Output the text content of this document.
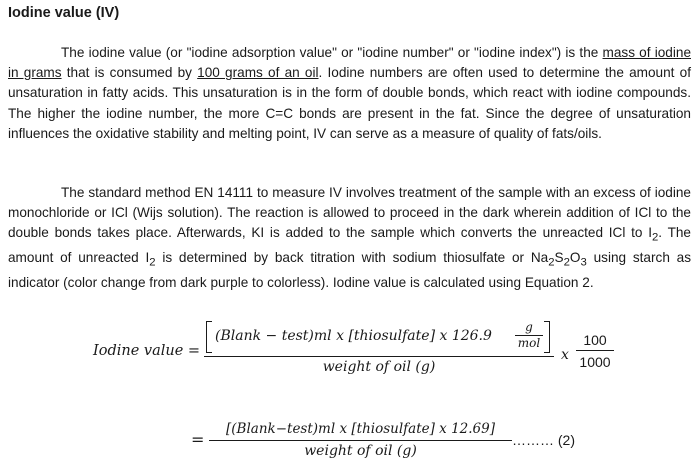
Iodine value (IV)

The iodine value (or "iodine adsorption value" or "iodine number" or "iodine index") is the mass of iodine in grams that is consumed by 100 grams of an oil. Iodine numbers are often used to determine the amount of unsaturation in fatty acids. This unsaturation is in the form of double bonds, which react with iodine compounds. The higher the iodine number, the more C=C bonds are present in the fat. Since the degree of unsaturation influences the oxidative stability and melting point, IV can serve as a measure of quality of fats/oils.

The standard method EN 14111 to measure IV involves treatment of the sample with an excess of iodine monochloride or ICl (Wijs solution). The reaction is allowed to proceed in the dark wherein addition of ICl to the double bonds takes place. Afterwards, KI is added to the sample which converts the unreacted ICl to $I_2$. The amount of unreacted $I_2$ is determined by back titration with sodium thiosulfate or $Na_2S_2O_3$ using starch as indicator (color change from dark purple to colorless). Iodine value is calculated using Equation 2.

Iodine value =
(Blank − test)ml x [thiosulfate] x 126.9
g
mol
weight of oil (g)
x
100
1000
=
[(Blank−test)ml x [thiosulfate] x 12.69]
weight of oil (g)
……… (2)
